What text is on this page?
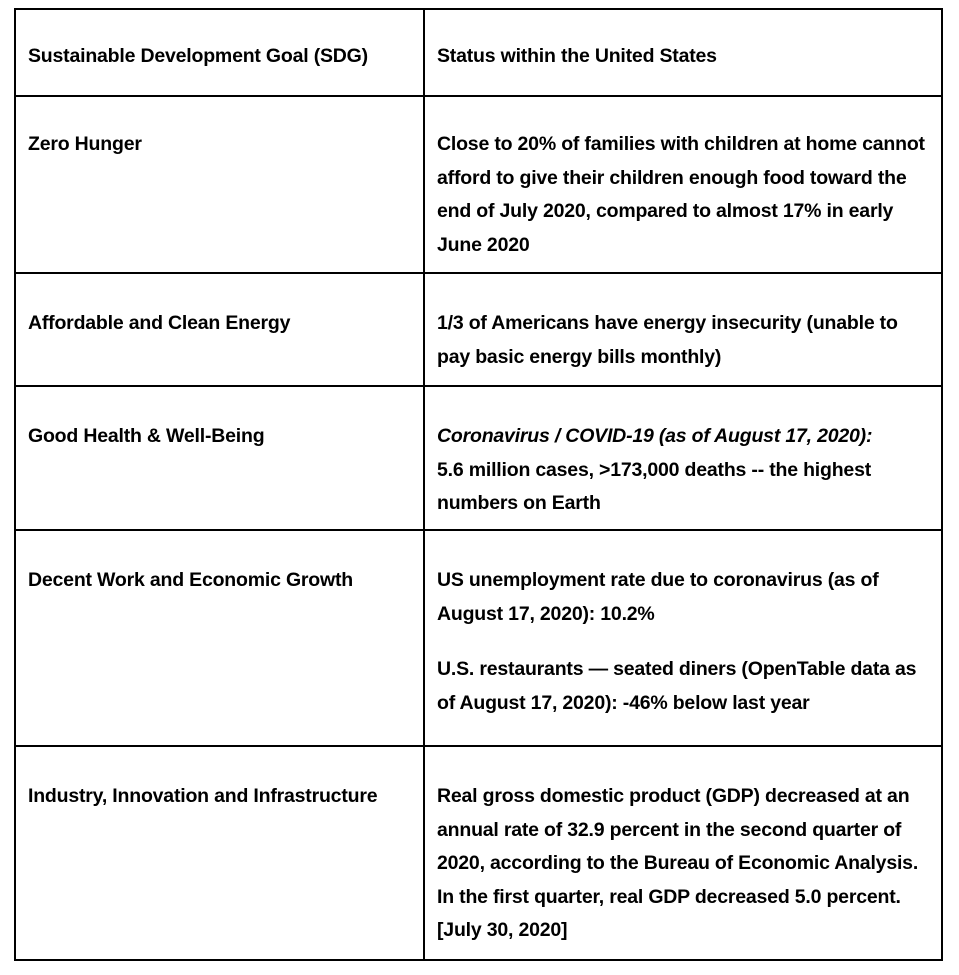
Sustainable Development Goal (SDG)	Status within the United States
Zero Hunger	Close to 20% of families with children at home cannot afford to give their children enough food toward the end of July 2020, compared to almost 17% in early June 2020

Affordable and Clean Energy	1/3 of Americans have energy insecurity (unable to pay basic energy bills monthly)

Good Health & Well-Being	Coronavirus / COVID-19 (as of August 17, 2020):

5.6 million cases, >173,000 deaths -- the highest numbers on Earth

Decent Work and Economic Growth	US unemployment rate due to coronavirus (as of August 17, 2020): 10.2%

U.S. restaurants — seated diners (OpenTable data as of August 17, 2020): -46% below last year

Industry, Innovation and Infrastructure	Real gross domestic product (GDP) decreased at an annual rate of 32.9 percent in the second quarter of 2020, according to the Bureau of Economic Analysis. In the first quarter, real GDP decreased 5.0 percent. [July 30, 2020]
